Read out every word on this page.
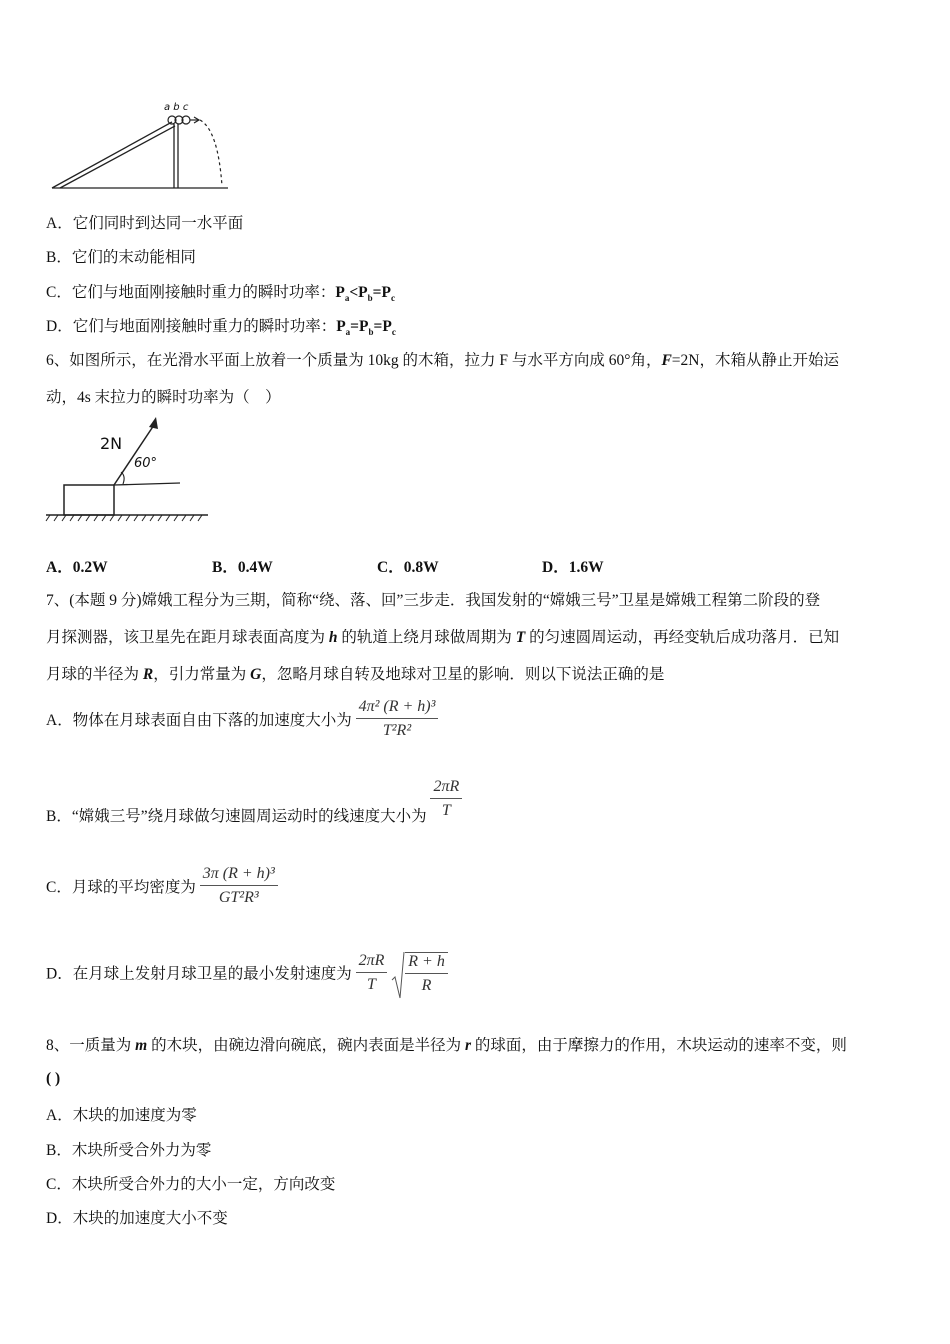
a b c
A．它们同时到达同一水平面
B．它们的末动能相同
C．它们与地面刚接触时重力的瞬时功率：$P_a<P_b=P_c$
D．它们与地面刚接触时重力的瞬时功率：$P_a=P_b=P_c$
6、如图所示，在光滑水平面上放着一个质量为 10kg 的木箱，拉力 F 与水平方向成 60°角，F=2N，木箱从静止开始运
动，4s 末拉力的瞬时功率为（　）
2N
60°
A．0.2W	B．0.4W	C．0.8W	D．1.6W
7、(本题 9 分)嫦娥工程分为三期，简称“绕、落、回”三步走．我国发射的“嫦娥三号”卫星是嫦娥工程第二阶段的登
月探测器，该卫星先在距月球表面高度为 h 的轨道上绕月球做周期为 T 的匀速圆周运动，再经变轨后成功落月．已知
月球的半径为 R，引力常量为 G，忽略月球自转及地球对卫星的影响．则以下说法正确的是
A．物体在月球表面自由下落的加速度大小为 $\frac{\text{4π² (R + h)³}}{\text{T²R²}}$
B．“嫦娥三号”绕月球做匀速圆周运动时的线速度大小为 $\frac{2\pi R}{T}$
C．月球的平均密度为 $\frac{\text{3π (R + h)³}}{\text{GT²R³}}$
D．在月球上发射月球卫星的最小发射速度为 $\frac{2\pi R}{T}$
$\frac{R + h}{R}$
8、一质量为 m 的木块，由碗边滑向碗底，碗内表面是半径为 r 的球面，由于摩擦力的作用，木块运动的速率不变，则
( )
A．木块的加速度为零
B．木块所受合外力为零
C．木块所受合外力的大小一定，方向改变
D．木块的加速度大小不变
